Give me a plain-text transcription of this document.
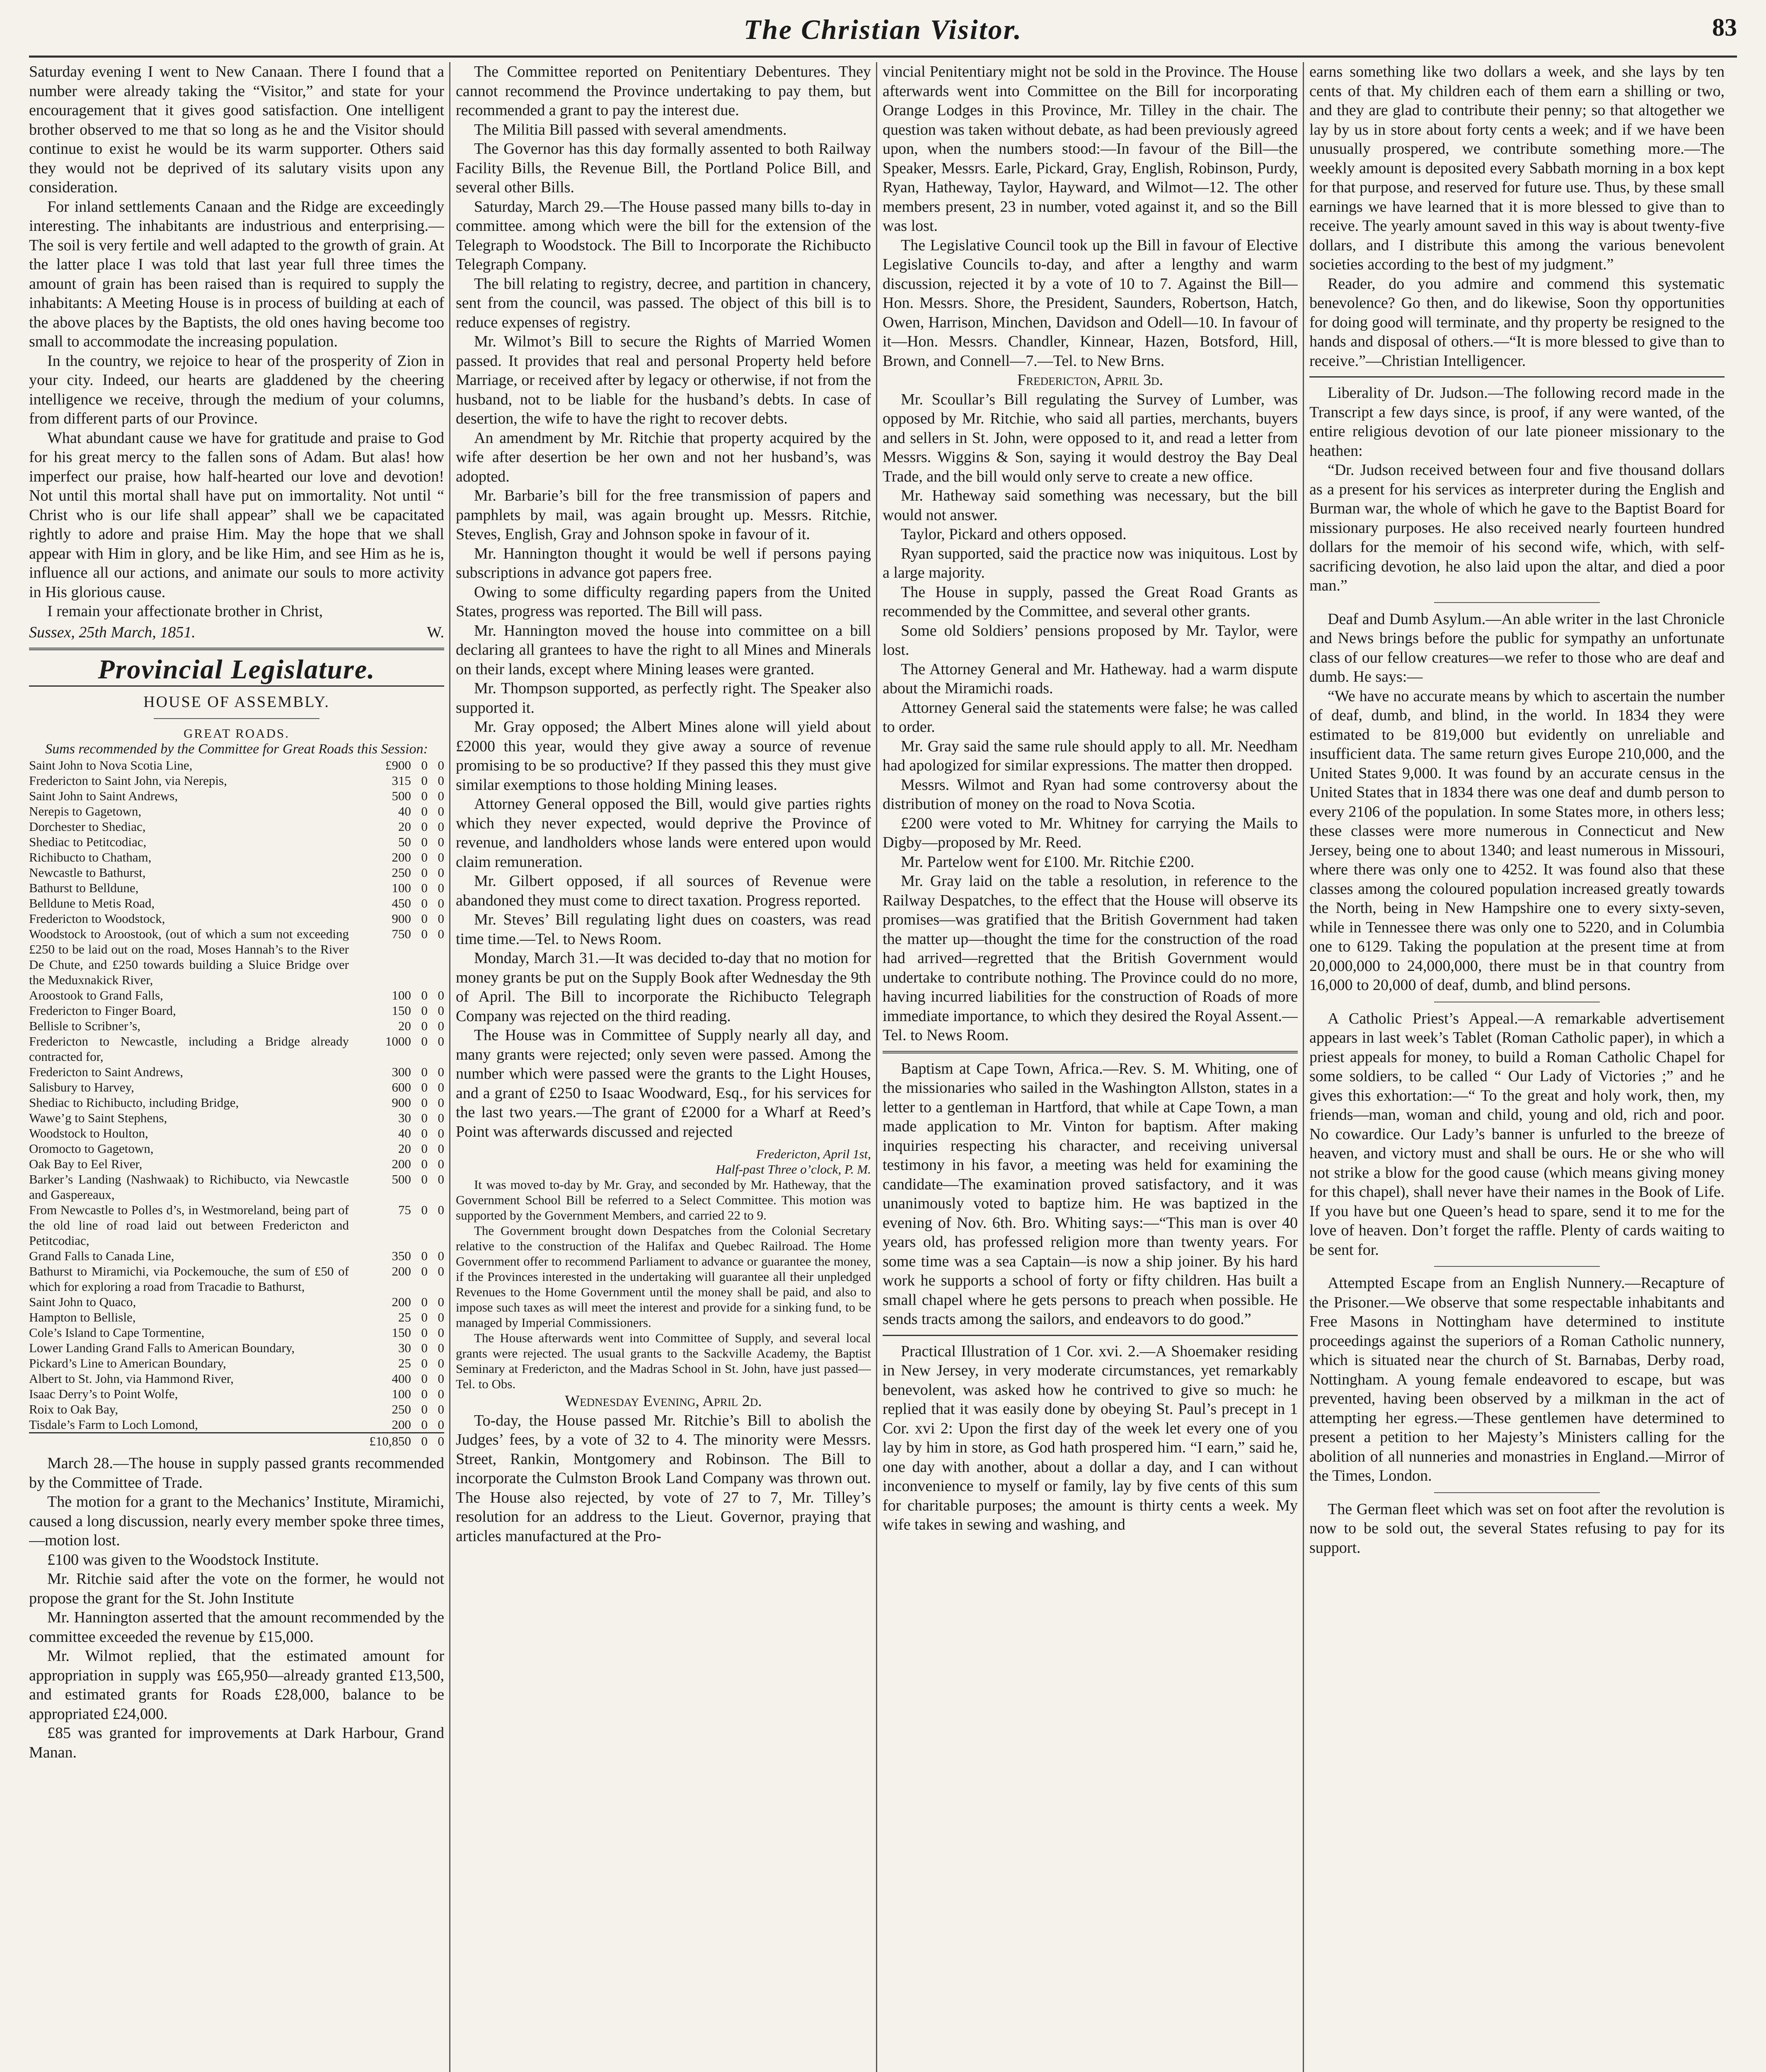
The Christian Visitor.	83

Saturday evening I went to New Canaan. There I found that a number were already taking the “Visitor,” and state for your encouragement that it gives good satisfaction. One intelligent brother observed to me that so long as he and the Visitor should continue to exist he would be its warm supporter. Others said they would not be deprived of its salutary visits upon any consideration.

For inland settlements Canaan and the Ridge are exceedingly interesting. The inhabitants are industrious and enterprising.—The soil is very fertile and well adapted to the growth of grain. At the latter place I was told that last year full three times the amount of grain has been raised than is required to supply the inhabitants: A Meeting House is in process of building at each of the above places by the Baptists, the old ones having become too small to accommodate the increasing population.

In the country, we rejoice to hear of the prosperity of Zion in your city. Indeed, our hearts are gladdened by the cheering intelligence we receive, through the medium of your columns, from different parts of our Province.

What abundant cause we have for gratitude and praise to God for his great mercy to the fallen sons of Adam. But alas! how imperfect our praise, how half-hearted our love and devotion! Not until this mortal shall have put on immortality. Not until “ Christ who is our life shall appear” shall we be capacitated rightly to adore and praise Him. May the hope that we shall appear with Him in glory, and be like Him, and see Him as he is, influence all our actions, and animate our souls to more activity in His glorious cause.

I remain your affectionate brother in Christ,

Sussex, 25th March, 1851.	W.
Provincial Legislature.

HOUSE OF ASSEMBLY.

GREAT ROADS.

Sums recommended by the Committee for Great Roads this Session:
Saint John to Nova Scotia Line,	£900	0	0
Fredericton to Saint John, via Nerepis,	315	0	0
Saint John to Saint Andrews,	500	0	0
Nerepis to Gagetown,	40	0	0
Dorchester to Shediac,	20	0	0
Shediac to Petitcodiac,	50	0	0
Richibucto to Chatham,	200	0	0
Newcastle to Bathurst,	250	0	0
Bathurst to Belldune,	100	0	0
Belldune to Metis Road,	450	0	0
Fredericton to Woodstock,	900	0	0
Woodstock to Aroostook, (out of which a sum not exceeding £250 to be laid out on the road, Moses Hannah’s to the River De Chute, and £250 towards building a Sluice Bridge over the Meduxnakick River,	750	0	0
Aroostook to Grand Falls,	100	0	0
Fredericton to Finger Board,	150	0	0
Bellisle to Scribner’s,	20	0	0
Fredericton to Newcastle, including a Bridge already contracted for,	1000	0	0
Fredericton to Saint Andrews,	300	0	0
Salisbury to Harvey,	600	0	0
Shediac to Richibucto, including Bridge,	900	0	0
Wawe’g to Saint Stephens,	30	0	0
Woodstock to Houlton,	40	0	0
Oromocto to Gagetown,	20	0	0
Oak Bay to Eel River,	200	0	0
Barker’s Landing (Nashwaak) to Richibucto, via Newcastle and Gaspereaux,	500	0	0
From Newcastle to Polles d’s, in Westmoreland, being part of the old line of road laid out between Fredericton and Petitcodiac,	75	0	0
Grand Falls to Canada Line,	350	0	0
Bathurst to Miramichi, via Pockemouche, the sum of £50 of which for exploring a road from Tracadie to Bathurst,	200	0	0
Saint John to Quaco,	200	0	0
Hampton to Bellisle,	25	0	0
Cole’s Island to Cape Tormentine,	150	0	0
Lower Landing Grand Falls to American Boundary,	30	0	0
Pickard’s Line to American Boundary,	25	0	0
Albert to St. John, via Hammond River,	400	0	0
Isaac Derry’s to Point Wolfe,	100	0	0
Roix to Oak Bay,	250	0	0
Tisdale’s Farm to Loch Lomond,	200	0	0
	£10,850	0	0

March 28.—The house in supply passed grants recommended by the Committee of Trade.

The motion for a grant to the Mechanics’ Institute, Miramichi, caused a long discussion, nearly every member spoke three times,—motion lost.

£100 was given to the Woodstock Institute.

Mr. Ritchie said after the vote on the former, he would not propose the grant for the St. John Institute

Mr. Hannington asserted that the amount recommended by the committee exceeded the revenue by £15,000.

Mr. Wilmot replied, that the estimated amount for appropriation in supply was £65,950—already granted £13,500, and estimated grants for Roads £28,000, balance to be appropriated £24,000.

£85 was granted for improvements at Dark Harbour, Grand Manan.

The Committee reported on Penitentiary Debentures. They cannot recommend the Province undertaking to pay them, but recommended a grant to pay the interest due.

The Militia Bill passed with several amendments.

The Governor has this day formally assented to both Railway Facility Bills, the Revenue Bill, the Portland Police Bill, and several other Bills.

Saturday, March 29.—The House passed many bills to-day in committee. among which were the bill for the extension of the Telegraph to Woodstock. The Bill to Incorporate the Richibucto Telegraph Company.

The bill relating to registry, decree, and partition in chancery, sent from the council, was passed. The object of this bill is to reduce expenses of registry.

Mr. Wilmot’s Bill to secure the Rights of Married Women passed. It provides that real and personal Property held before Marriage, or received after by legacy or otherwise, if not from the husband, not to be liable for the husband’s debts. In case of desertion, the wife to have the right to recover debts.

An amendment by Mr. Ritchie that property acquired by the wife after desertion be her own and not her husband’s, was adopted.

Mr. Barbarie’s bill for the free transmission of papers and pamphlets by mail, was again brought up. Messrs. Ritchie, Steves, English, Gray and Johnson spoke in favour of it.

Mr. Hannington thought it would be well if persons paying subscriptions in advance got papers free.

Owing to some difficulty regarding papers from the United States, progress was reported. The Bill will pass.

Mr. Hannington moved the house into committee on a bill declaring all grantees to have the right to all Mines and Minerals on their lands, except where Mining leases were granted.

Mr. Thompson supported, as perfectly right. The Speaker also supported it.

Mr. Gray opposed; the Albert Mines alone will yield about £2000 this year, would they give away a source of revenue promising to be so productive? If they passed this they must give similar exemptions to those holding Mining leases.

Attorney General opposed the Bill, would give parties rights which they never expected, would deprive the Province of revenue, and landholders whose lands were entered upon would claim remuneration.

Mr. Gilbert opposed, if all sources of Revenue were abandoned they must come to direct taxation. Progress reported.

Mr. Steves’ Bill regulating light dues on coasters, was read time time.—Tel. to News Room.

Monday, March 31.—It was decided to-day that no motion for money grants be put on the Supply Book after Wednesday the 9th of April. The Bill to incorporate the Richibucto Telegraph Company was rejected on the third reading.

The House was in Committee of Supply nearly all day, and many grants were rejected; only seven were passed. Among the number which were passed were the grants to the Light Houses, and a grant of £250 to Isaac Woodward, Esq., for his services for the last two years.—The grant of £2000 for a Wharf at Reed’s Point was afterwards discussed and rejected

Fredericton, April 1st,
Half-past Three o’clock, P. M.

It was moved to-day by Mr. Gray, and seconded by Mr. Hatheway, that the Government School Bill be referred to a Select Committee. This motion was supported by the Government Members, and carried 22 to 9.

The Government brought down Despatches from the Colonial Secretary relative to the construction of the Halifax and Quebec Railroad. The Home Government offer to recommend Parliament to advance or guarantee the money, if the Provinces interested in the undertaking will guarantee all their unpledged Revenues to the Home Government until the money shall be paid, and also to impose such taxes as will meet the interest and provide for a sinking fund, to be managed by Imperial Commissioners.

The House afterwards went into Committee of Supply, and several local grants were rejected. The usual grants to the Sackville Academy, the Baptist Seminary at Fredericton, and the Madras School in St. John, have just passed—Tel. to Obs.

Wednesday Evening, April 2d.

To-day, the House passed Mr. Ritchie’s Bill to abolish the Judges’ fees, by a vote of 32 to 4. The minority were Messrs. Street, Rankin, Montgomery and Robinson. The Bill to incorporate the Culmston Brook Land Company was thrown out. The House also rejected, by vote of 27 to 7, Mr. Tilley’s resolution for an address to the Lieut. Governor, praying that articles manufactured at the Pro-

vincial Penitentiary might not be sold in the Province. The House afterwards went into Committee on the Bill for incorporating Orange Lodges in this Province, Mr. Tilley in the chair. The question was taken without debate, as had been previously agreed upon, when the numbers stood:—In favour of the Bill—the Speaker, Messrs. Earle, Pickard, Gray, English, Robinson, Purdy, Ryan, Hatheway, Taylor, Hayward, and Wilmot—12. The other members present, 23 in number, voted against it, and so the Bill was lost.

The Legislative Council took up the Bill in favour of Elective Legislative Councils to-day, and after a lengthy and warm discussion, rejected it by a vote of 10 to 7. Against the Bill—Hon. Messrs. Shore, the President, Saunders, Robertson, Hatch, Owen, Harrison, Minchen, Davidson and Odell—10. In favour of it—Hon. Messrs. Chandler, Kinnear, Hazen, Botsford, Hill, Brown, and Connell—7.—Tel. to New Brns.

Fredericton, April 3d.

Mr. Scoullar’s Bill regulating the Survey of Lumber, was opposed by Mr. Ritchie, who said all parties, merchants, buyers and sellers in St. John, were opposed to it, and read a letter from Messrs. Wiggins & Son, saying it would destroy the Bay Deal Trade, and the bill would only serve to create a new office.

Mr. Hatheway said something was necessary, but the bill would not answer.

Taylor, Pickard and others opposed.

Ryan supported, said the practice now was iniquitous. Lost by a large majority.

The House in supply, passed the Great Road Grants as recommended by the Committee, and several other grants.

Some old Soldiers’ pensions proposed by Mr. Taylor, were lost.

The Attorney General and Mr. Hatheway. had a warm dispute about the Miramichi roads.

Attorney General said the statements were false; he was called to order.

Mr. Gray said the same rule should apply to all. Mr. Needham had apologized for similar expressions. The matter then dropped.

Messrs. Wilmot and Ryan had some controversy about the distribution of money on the road to Nova Scotia.

£200 were voted to Mr. Whitney for carrying the Mails to Digby—proposed by Mr. Reed.

Mr. Partelow went for £100. Mr. Ritchie £200.

Mr. Gray laid on the table a resolution, in reference to the Railway Despatches, to the effect that the House will observe its promises—was gratified that the British Government had taken the matter up—thought the time for the construction of the road had arrived—regretted that the British Government would undertake to contribute nothing. The Province could do no more, having incurred liabilities for the construction of Roads of more immediate importance, to which they desired the Royal Assent.—Tel. to News Room.

Baptism at Cape Town, Africa.—Rev. S. M. Whiting, one of the missionaries who sailed in the Washington Allston, states in a letter to a gentleman in Hartford, that while at Cape Town, a man made application to Mr. Vinton for baptism. After making inquiries respecting his character, and receiving universal testimony in his favor, a meeting was held for examining the candidate—The examination proved satisfactory, and it was unanimously voted to baptize him. He was baptized in the evening of Nov. 6th. Bro. Whiting says:—“This man is over 40 years old, has professed religion more than twenty years. For some time was a sea Captain—is now a ship joiner. By his hard work he supports a school of forty or fifty children. Has built a small chapel where he gets persons to preach when possible. He sends tracts among the sailors, and endeavors to do good.”

Practical Illustration of 1 Cor. xvi. 2.—A Shoemaker residing in New Jersey, in very moderate circumstances, yet remarkably benevolent, was asked how he contrived to give so much: he replied that it was easily done by obeying St. Paul’s precept in 1 Cor. xvi 2: Upon the first day of the week let every one of you lay by him in store, as God hath prospered him. “I earn,” said he, one day with another, about a dollar a day, and I can without inconvenience to myself or family, lay by five cents of this sum for charitable purposes; the amount is thirty cents a week. My wife takes in sewing and washing, and

earns something like two dollars a week, and she lays by ten cents of that. My children each of them earn a shilling or two, and they are glad to contribute their penny; so that altogether we lay by us in store about forty cents a week; and if we have been unusually prospered, we contribute something more.—The weekly amount is deposited every Sabbath morning in a box kept for that purpose, and reserved for future use. Thus, by these small earnings we have learned that it is more blessed to give than to receive. The yearly amount saved in this way is about twenty-five dollars, and I distribute this among the various benevolent societies according to the best of my judgment.”

Reader, do you admire and commend this systematic benevolence? Go then, and do likewise, Soon thy opportunities for doing good will terminate, and thy property be resigned to the hands and disposal of others.—“It is more blessed to give than to receive.”—Christian Intelligencer.

Liberality of Dr. Judson.—The following record made in the Transcript a few days since, is proof, if any were wanted, of the entire religious devotion of our late pioneer missionary to the heathen:

“Dr. Judson received between four and five thousand dollars as a present for his services as interpreter during the English and Burman war, the whole of which he gave to the Baptist Board for missionary purposes. He also received nearly fourteen hundred dollars for the memoir of his second wife, which, with self-sacrificing devotion, he also laid upon the altar, and died a poor man.”

Deaf and Dumb Asylum.—An able writer in the last Chronicle and News brings before the public for sympathy an unfortunate class of our fellow creatures—we refer to those who are deaf and dumb. He says:—

“We have no accurate means by which to ascertain the number of deaf, dumb, and blind, in the world. In 1834 they were estimated to be 819,000 but evidently on unreliable and insufficient data. The same return gives Europe 210,000, and the United States 9,000. It was found by an accurate census in the United States that in 1834 there was one deaf and dumb person to every 2106 of the population. In some States more, in others less; these classes were more numerous in Connecticut and New Jersey, being one to about 1340; and least numerous in Missouri, where there was only one to 4252. It was found also that these classes among the coloured population increased greatly towards the North, being in New Hampshire one to every sixty-seven, while in Tennessee there was only one to 5220, and in Columbia one to 6129. Taking the population at the present time at from 20,000,000 to 24,000,000, there must be in that country from 16,000 to 20,000 of deaf, dumb, and blind persons.

A Catholic Priest’s Appeal.—A remarkable advertisement appears in last week’s Tablet (Roman Catholic paper), in which a priest appeals for money, to build a Roman Catholic Chapel for some soldiers, to be called “ Our Lady of Victories ;” and he gives this exhortation:—“ To the great and holy work, then, my friends—man, woman and child, young and old, rich and poor. No cowardice. Our Lady’s banner is unfurled to the breeze of heaven, and victory must and shall be ours. He or she who will not strike a blow for the good cause (which means giving money for this chapel), shall never have their names in the Book of Life. If you have but one Queen’s head to spare, send it to me for the love of heaven. Don’t forget the raffle. Plenty of cards waiting to be sent for.

Attempted Escape from an English Nunnery.—Recapture of the Prisoner.—We observe that some respectable inhabitants and Free Masons in Nottingham have determined to institute proceedings against the superiors of a Roman Catholic nunnery, which is situated near the church of St. Barnabas, Derby road, Nottingham. A young female endeavored to escape, but was prevented, having been observed by a milkman in the act of attempting her egress.—These gentlemen have determined to present a petition to her Majesty’s Ministers calling for the abolition of all nunneries and monastries in England.—Mirror of the Times, London.

The German fleet which was set on foot after the revolution is now to be sold out, the several States refusing to pay for its support.
